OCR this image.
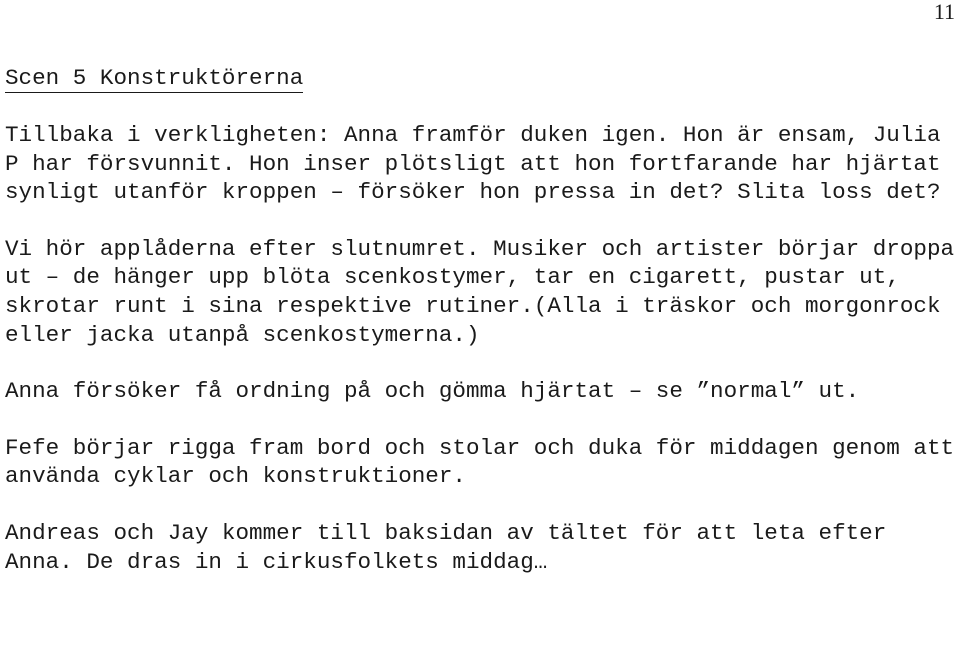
11
Scen 5 Konstruktörerna

Tillbaka i verkligheten: Anna framför duken igen. Hon är ensam, Julia P har försvunnit. Hon inser plötsligt att hon fortfarande har hjärtat synligt utanför kroppen – försöker hon pressa in det? Slita loss det?

Vi hör applåderna efter slutnumret. Musiker och artister börjar droppa ut – de hänger upp blöta scenkostymer, tar en cigarett, pustar ut, skrotar runt i sina respektive rutiner.(Alla i träskor och morgonrock eller jacka utanpå scenkostymerna.)

Anna försöker få ordning på och gömma hjärtat – se ”normal” ut.

Fefe börjar rigga fram bord och stolar och duka för middagen genom att använda cyklar och konstruktioner.

Andreas och Jay kommer till baksidan av tältet för att leta efter Anna. De dras in i cirkusfolkets middag…
